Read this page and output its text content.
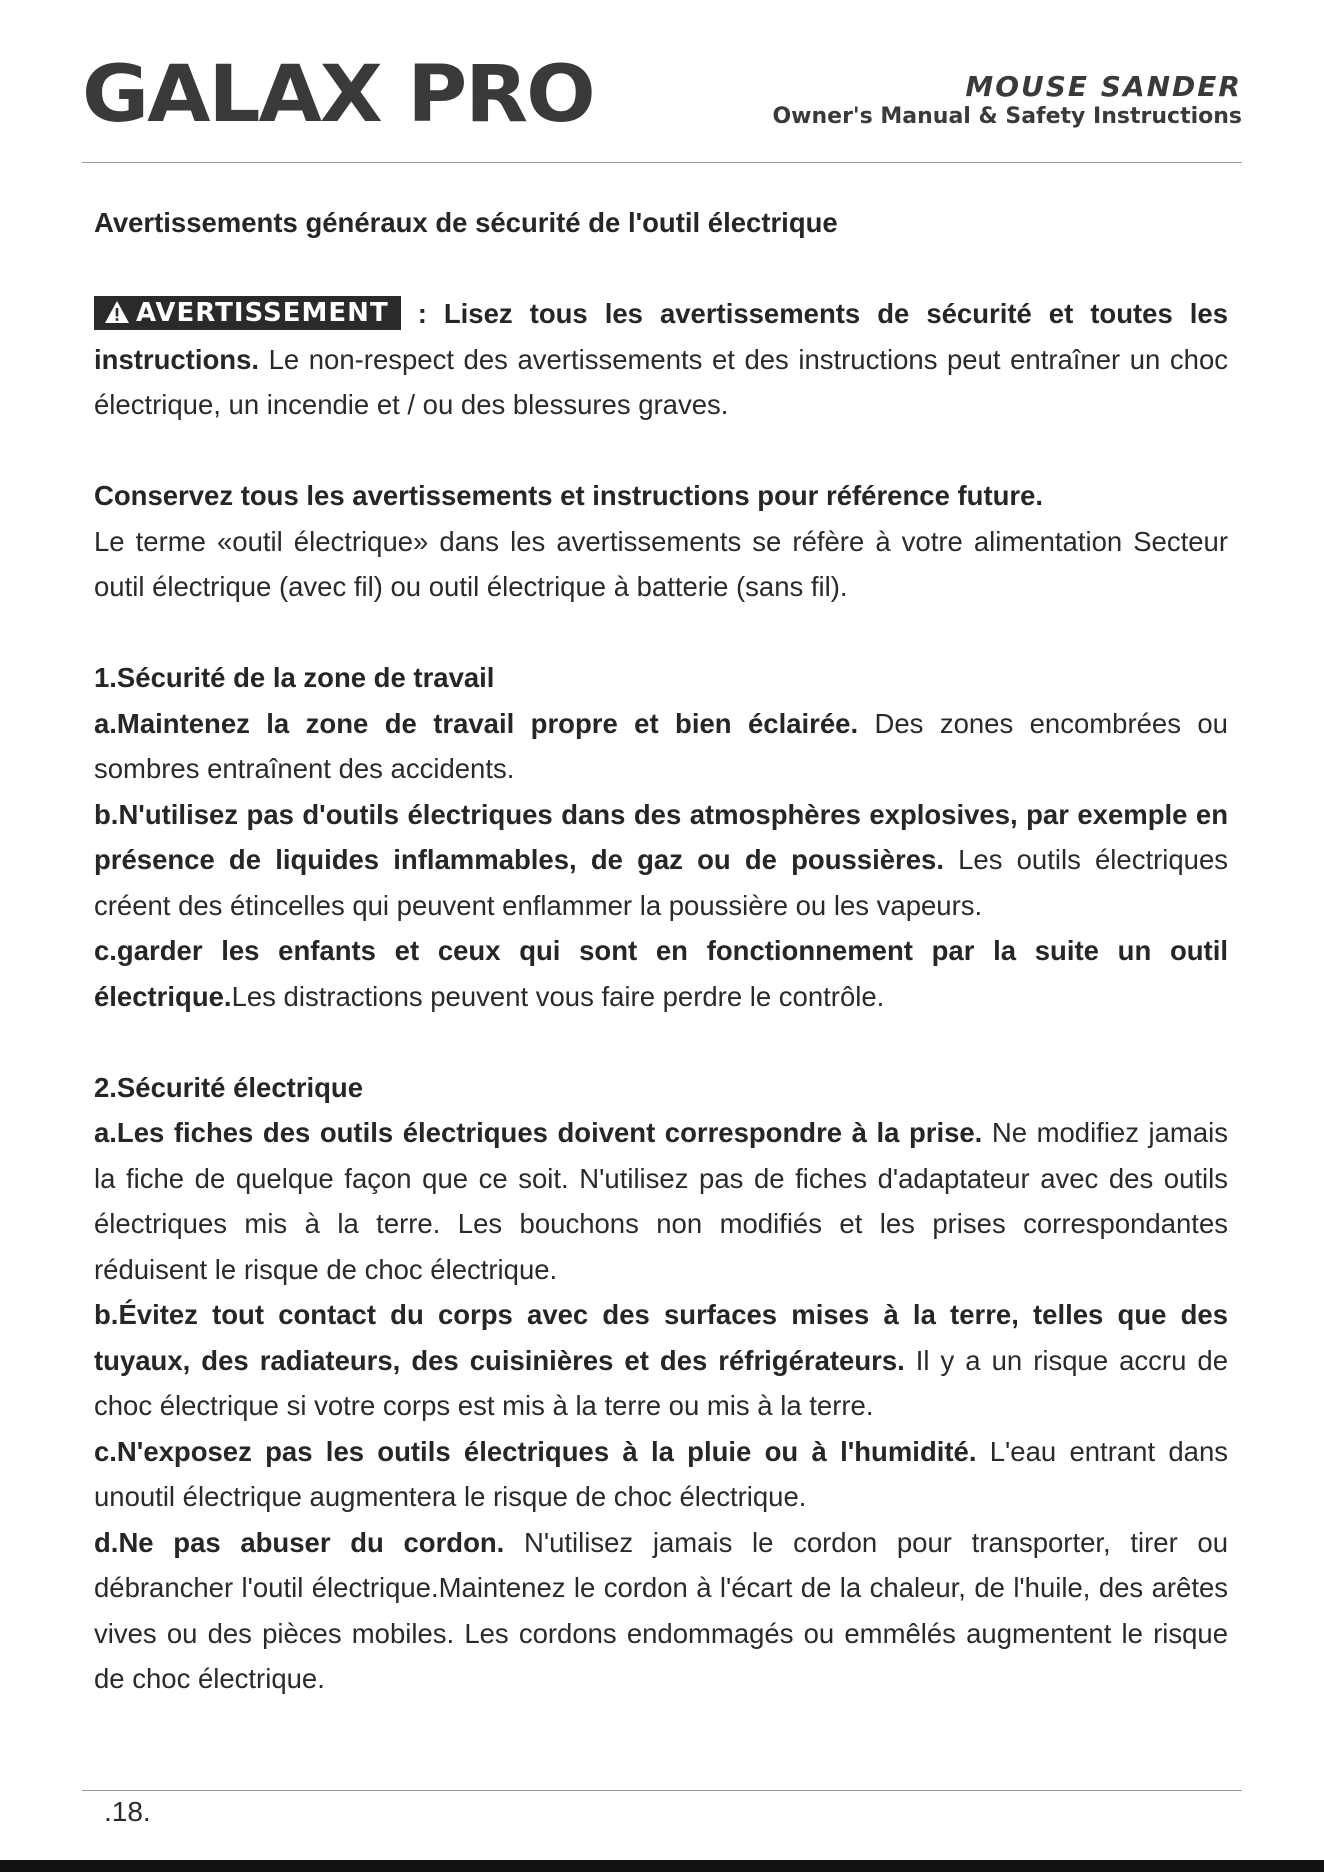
GALAX PRO	MOUSE SANDER
Owner's Manual & Safety Instructions

Avertissements généraux de sécurité de l'outil électrique

AVERTISSEMENT : Lisez tous les avertissements de sécurité et toutes les instructions. Le non-respect des avertissements et des instructions peut entraîner un choc électrique, un incendie et / ou des blessures graves.

Conservez tous les avertissements et instructions pour référence future.

Le terme «outil électrique» dans les avertissements se réfère à votre alimentation Secteur outil électrique (avec fil) ou outil électrique à batterie (sans fil).

1.Sécurité de la zone de travail

a.Maintenez la zone de travail propre et bien éclairée. Des zones encombrées ou sombres entraînent des accidents.

b.N'utilisez pas d'outils électriques dans des atmosphères explosives, par exemple en présence de liquides inflammables, de gaz ou de poussières. Les outils électriques créent des étincelles qui peuvent enflammer la poussière ou les vapeurs.

c.garder les enfants et ceux qui sont en fonctionnement par la suite un outil électrique.Les distractions peuvent vous faire perdre le contrôle.

2.Sécurité électrique

a.Les fiches des outils électriques doivent correspondre à la prise. Ne modifiez jamais la fiche de quelque façon que ce soit. N'utilisez pas de fiches d'adaptateur avec des outils électriques mis à la terre. Les bouchons non modifiés et les prises correspondantes réduisent le risque de choc électrique.

b.Évitez tout contact du corps avec des surfaces mises à la terre, telles que des tuyaux, des radiateurs, des cuisinières et des réfrigérateurs. Il y a un risque accru de choc électrique si votre corps est mis à la terre ou mis à la terre.

c.N'exposez pas les outils électriques à la pluie ou à l'humidité. L'eau entrant dans unoutil électrique augmentera le risque de choc électrique.

d.Ne pas abuser du cordon. N'utilisez jamais le cordon pour transporter, tirer ou débrancher l'outil électrique.Maintenez le cordon à l'écart de la chaleur, de l'huile, des arêtes vives ou des pièces mobiles. Les cordons endommagés ou emmêlés augmentent le risque de choc électrique.

.18.
